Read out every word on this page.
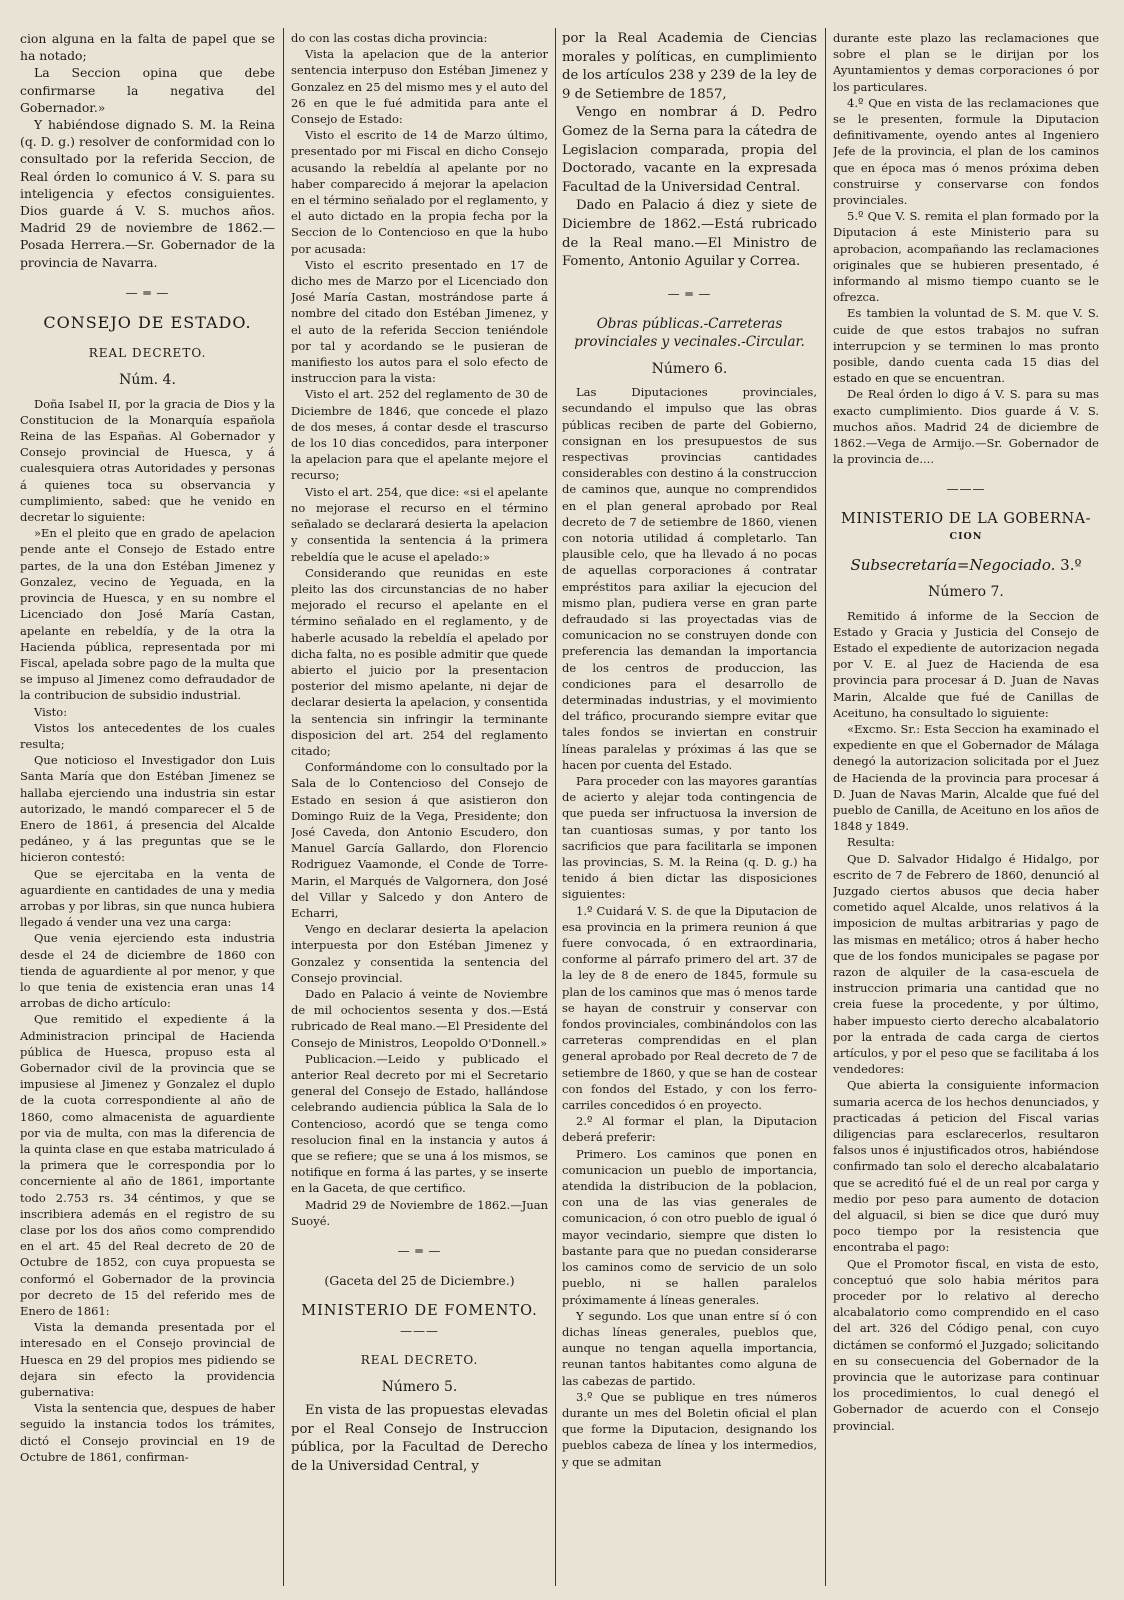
cion alguna en la falta de papel que se ha notado;

La Seccion opina que debe confirmarse la negativa del Gobernador.»

Y habiéndose dignado S. M. la Reina (q. D. g.) resolver de conformidad con lo consultado por la referida Seccion, de Real órden lo comunico á V. S. para su inteligencia y efectos consiguientes. Dios guarde á V. S. muchos años. Madrid 29 de noviembre de 1862.—Posada Herrera.—Sr. Gobernador de la provincia de Navarra.

— ═ —
CONSEJO DE ESTADO.
REAL DECRETO.
Núm. 4.

Doña Isabel II, por la gracia de Dios y la Constitucion de la Monarquía española Reina de las Españas. Al Gobernador y Consejo provincial de Huesca, y á cualesquiera otras Autoridades y personas á quienes toca su observancia y cumplimiento, sabed: que he venido en decretar lo siguiente:

»En el pleito que en grado de apelacion pende ante el Consejo de Estado entre partes, de la una don Estéban Jimenez y Gonzalez, vecino de Yeguada, en la provincia de Huesca, y en su nombre el Licenciado don José María Castan, apelante en rebeldía, y de la otra la Hacienda pública, representada por mi Fiscal, apelada sobre pago de la multa que se impuso al Jimenez como defraudador de la contribucion de subsidio industrial.

Visto:

Vistos los antecedentes de los cuales resulta;

Que noticioso el Investigador don Luis Santa María que don Estéban Jimenez se hallaba ejerciendo una industria sin estar autorizado, le mandó comparecer el 5 de Enero de 1861, á presencia del Alcalde pedáneo, y á las preguntas que se le hicieron contestó:

Que se ejercitaba en la venta de aguardiente en cantidades de una y media arrobas y por libras, sin que nunca hubiera llegado á vender una vez una carga:

Que venia ejerciendo esta industria desde el 24 de diciembre de 1860 con tienda de aguardiente al por menor, y que lo que tenia de existencia eran unas 14 arrobas de dicho artículo:

Que remitido el expediente á la Administracion principal de Hacienda pública de Huesca, propuso esta al Gobernador civil de la provincia que se impusiese al Jimenez y Gonzalez el duplo de la cuota correspondiente al año de 1860, como almacenista de aguardiente por via de multa, con mas la diferencia de la quinta clase en que estaba matriculado á la primera que le correspondia por lo concerniente al año de 1861, importante todo 2.753 rs. 34 céntimos, y que se inscribiera además en el registro de su clase por los dos años como comprendido en el art. 45 del Real decreto de 20 de Octubre de 1852, con cuya propuesta se conformó el Gobernador de la provincia por decreto de 15 del referido mes de Enero de 1861:

Vista la demanda presentada por el interesado en el Consejo provincial de Huesca en 29 del propios mes pidiendo se dejara sin efecto la providencia gubernativa:

Vista la sentencia que, despues de haber seguido la instancia todos los trámites, dictó el Consejo provincial en 19 de Octubre de 1861, confirman-

do con las costas dicha provincia:

Vista la apelacion que de la anterior sentencia interpuso don Estéban Jimenez y Gonzalez en 25 del mismo mes y el auto del 26 en que le fué admitida para ante el Consejo de Estado:

Visto el escrito de 14 de Marzo último, presentado por mi Fiscal en dicho Consejo acusando la rebeldía al apelante por no haber comparecido á mejorar la apelacion en el término señalado por el reglamento, y el auto dictado en la propia fecha por la Seccion de lo Contencioso en que la hubo por acusada:

Visto el escrito presentado en 17 de dicho mes de Marzo por el Licenciado don José María Castan, mostrándose parte á nombre del citado don Estéban Jimenez, y el auto de la referida Seccion teniéndole por tal y acordando se le pusieran de manifiesto los autos para el solo efecto de instruccion para la vista:

Visto el art. 252 del reglamento de 30 de Diciembre de 1846, que concede el plazo de dos meses, á contar desde el trascurso de los 10 dias concedidos, para interponer la apelacion para que el apelante mejore el recurso;

Visto el art. 254, que dice: «si el apelante no mejorase el recurso en el término señalado se declarará desierta la apelacion y consentida la sentencia á la primera rebeldía que le acuse el apelado:»

Considerando que reunidas en este pleito las dos circunstancias de no haber mejorado el recurso el apelante en el término señalado en el reglamento, y de haberle acusado la rebeldía el apelado por dicha falta, no es posible admitir que quede abierto el juicio por la presentacion posterior del mismo apelante, ni dejar de declarar desierta la apelacion, y consentida la sentencia sin infringir la terminante disposicion del art. 254 del reglamento citado;

Conformándome con lo consultado por la Sala de lo Contencioso del Consejo de Estado en sesion á que asistieron don Domingo Ruiz de la Vega, Presidente; don José Caveda, don Antonio Escudero, don Manuel García Gallardo, don Florencio Rodriguez Vaamonde, el Conde de Torre-Marin, el Marqués de Valgornera, don José del Villar y Salcedo y don Antero de Echarri,

Vengo en declarar desierta la apelacion interpuesta por don Estéban Jimenez y Gonzalez y consentida la sentencia del Consejo provincial.

Dado en Palacio á veinte de Noviembre de mil ochocientos sesenta y dos.—Está rubricado de Real mano.—El Presidente del Consejo de Ministros, Leopoldo O'Donnell.»

Publicacion.—Leido y publicado el anterior Real decreto por mi el Secretario general del Consejo de Estado, hallándose celebrando audiencia pública la Sala de lo Contencioso, acordó que se tenga como resolucion final en la instancia y autos á que se refiere; que se una á los mismos, se notifique en forma á las partes, y se inserte en la Gaceta, de que certifico.

Madrid 29 de Noviembre de 1862.—Juan Suoyé.

— ═ —
(Gaceta del 25 de Diciembre.)
MINISTERIO DE FOMENTO.
———
REAL DECRETO.
Número 5.

En vista de las propuestas elevadas por el Real Consejo de Instruccion pública, por la Facultad de Derecho de la Universidad Central, y

por la Real Academia de Ciencias morales y políticas, en cumplimiento de los artículos 238 y 239 de la ley de 9 de Setiembre de 1857,

Vengo en nombrar á D. Pedro Gomez de la Serna para la cátedra de Legislacion comparada, propia del Doctorado, vacante en la expresada Facultad de la Universidad Central.

Dado en Palacio á diez y siete de Diciembre de 1862.—Está rubricado de la Real mano.—El Ministro de Fomento, Antonio Aguilar y Correa.

— ═ —
Obras públicas.-Carreteras provinciales y vecinales.-Circular.
Número 6.

Las Diputaciones provinciales, secundando el impulso que las obras públicas reciben de parte del Gobierno, consignan en los presupuestos de sus respectivas provincias cantidades considerables con destino á la construccion de caminos que, aunque no comprendidos en el plan general aprobado por Real decreto de 7 de setiembre de 1860, vienen con notoria utilidad á completarlo. Tan plausible celo, que ha llevado á no pocas de aquellas corporaciones á contratar empréstitos para axiliar la ejecucion del mismo plan, pudiera verse en gran parte defraudado si las proyectadas vias de comunicacion no se construyen donde con preferencia las demandan la importancia de los centros de produccion, las condiciones para el desarrollo de determinadas industrias, y el movimiento del tráfico, procurando siempre evitar que tales fondos se inviertan en construir líneas paralelas y próximas á las que se hacen por cuenta del Estado.

Para proceder con las mayores garantías de acierto y alejar toda contingencia de que pueda ser infructuosa la inversion de tan cuantiosas sumas, y por tanto los sacrificios que para facilitarla se imponen las provincias, S. M. la Reina (q. D. g.) ha tenido á bien dictar las disposiciones siguientes:

1.º Cuidará V. S. de que la Diputacion de esa provincia en la primera reunion á que fuere convocada, ó en extraordinaria, conforme al párrafo primero del art. 37 de la ley de 8 de enero de 1845, formule su plan de los caminos que mas ó menos tarde se hayan de construir y conservar con fondos provinciales, combinándolos con las carreteras comprendidas en el plan general aprobado por Real decreto de 7 de setiembre de 1860, y que se han de costear con fondos del Estado, y con los ferro-carriles concedidos ó en proyecto.

2.º Al formar el plan, la Diputacion deberá preferir:

Primero. Los caminos que ponen en comunicacion un pueblo de importancia, atendida la distribucion de la poblacion, con una de las vias generales de comunicacion, ó con otro pueblo de igual ó mayor vecindario, siempre que disten lo bastante para que no puedan considerarse los caminos como de servicio de un solo pueblo, ni se hallen paralelos próximamente á líneas generales.

Y segundo. Los que unan entre sí ó con dichas líneas generales, pueblos que, aunque no tengan aquella importancia, reunan tantos habitantes como alguna de las cabezas de partido.

3.º Que se publique en tres números durante un mes del Boletin oficial el plan que forme la Diputacion, designando los pueblos cabeza de línea y los intermedios, y que se admitan

durante este plazo las reclamaciones que sobre el plan se le dirijan por los Ayuntamientos y demas corporaciones ó por los particulares.

4.º Que en vista de las reclamaciones que se le presenten, formule la Diputacion definitivamente, oyendo antes al Ingeniero Jefe de la provincia, el plan de los caminos que en época mas ó menos próxima deben construirse y conservarse con fondos provinciales.

5.º Que V. S. remita el plan formado por la Diputacion á este Ministerio para su aprobacion, acompañando las reclamaciones originales que se hubieren presentado, é informando al mismo tiempo cuanto se le ofrezca.

Es tambien la voluntad de S. M. que V. S. cuide de que estos trabajos no sufran interrupcion y se terminen lo mas pronto posible, dando cuenta cada 15 dias del estado en que se encuentran.

De Real órden lo digo á V. S. para su mas exacto cumplimiento. Dios guarde á V. S. muchos años. Madrid 24 de diciembre de 1862.—Vega de Armijo.—Sr. Gobernador de la provincia de....

———
MINISTERIO DE LA GOBERNA-
CION
Subsecretaría=Negociado. 3.º
Número 7.

Remitido á informe de la Seccion de Estado y Gracia y Justicia del Consejo de Estado el expediente de autorizacion negada por V. E. al Juez de Hacienda de esa provincia para procesar á D. Juan de Navas Marin, Alcalde que fué de Canillas de Aceituno, ha consultado lo siguiente:

«Excmo. Sr.: Esta Seccion ha examinado el expediente en que el Gobernador de Málaga denegó la autorizacion solicitada por el Juez de Hacienda de la provincia para procesar á D. Juan de Navas Marin, Alcalde que fué del pueblo de Canilla, de Aceituno en los años de 1848 y 1849.

Resulta:

Que D. Salvador Hidalgo é Hidalgo, por escrito de 7 de Febrero de 1860, denunció al Juzgado ciertos abusos que decia haber cometido aquel Alcalde, unos relativos á la imposicion de multas arbitrarias y pago de las mismas en metálico; otros á haber hecho que de los fondos municipales se pagase por razon de alquiler de la casa-escuela de instruccion primaria una cantidad que no creia fuese la procedente, y por último, haber impuesto cierto derecho alcabalatorio por la entrada de cada carga de ciertos artículos, y por el peso que se facilitaba á los vendedores:

Que abierta la consiguiente informacion sumaria acerca de los hechos denunciados, y practicadas á peticion del Fiscal varias diligencias para esclarecerlos, resultaron falsos unos é injustificados otros, habiéndose confirmado tan solo el derecho alcabalatario que se acreditó fué el de un real por carga y medio por peso para aumento de dotacion del alguacil, si bien se dice que duró muy poco tiempo por la resistencia que encontraba el pago:

Que el Promotor fiscal, en vista de esto, conceptuó que solo habia méritos para proceder por lo relativo al derecho alcabalatorio como comprendido en el caso del art. 326 del Código penal, con cuyo dictámen se conformó el Juzgado; solicitando en su consecuencia del Gobernador de la provincia que le autorizase para continuar los procedimientos, lo cual denegó el Gobernador de acuerdo con el Consejo provincial.
